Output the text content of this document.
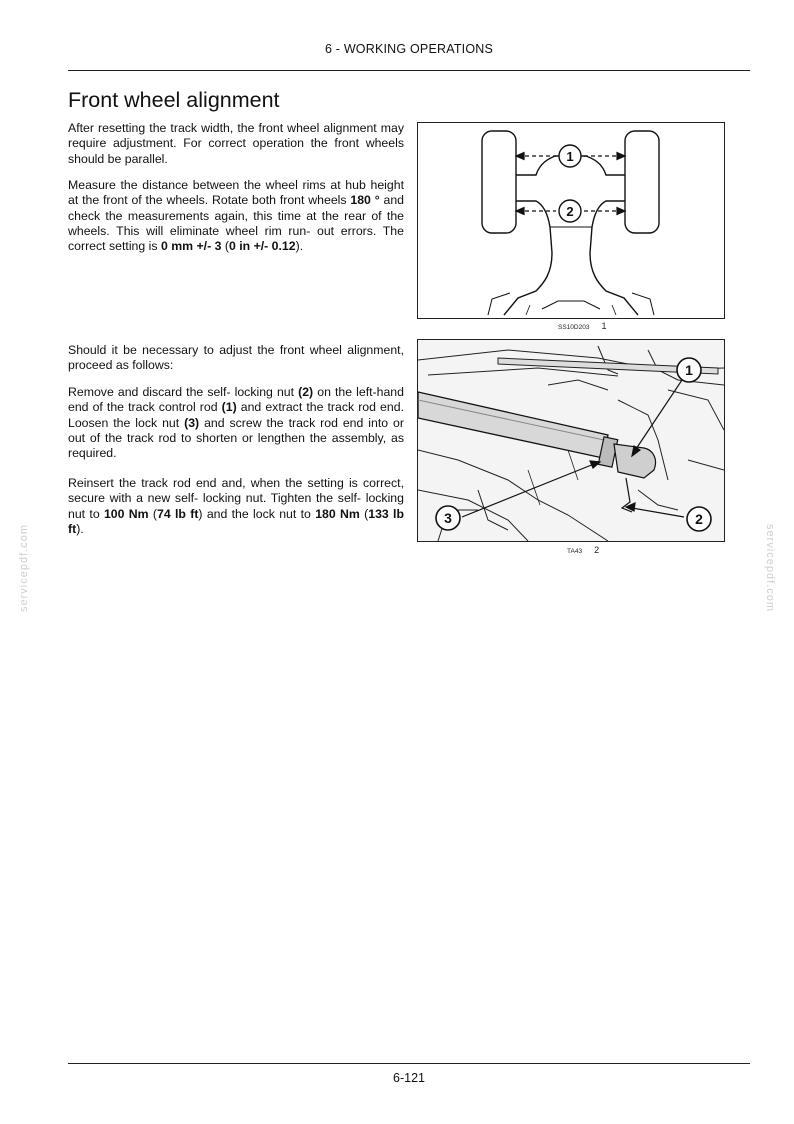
6 - WORKING OPERATIONS
Front wheel alignment

After resetting the track width, the front wheel alignment may require adjustment. For correct operation the front wheels should be parallel.

Measure the distance between the wheel rims at hub height at the front of the wheels. Rotate both front wheels 180 ° and check the measurements again, this time at the rear of the wheels. This will eliminate wheel rim run- out errors. The correct setting is 0 mm +/- 3 (0 in +/- 0.12).

Should it be necessary to adjust the front wheel alignment, proceed as follows:

Remove and discard the self- locking nut (2) on the left-hand end of the track control rod (1) and extract the track rod end. Loosen the lock nut (3) and screw the track rod end into or out of the track rod to shorten or lengthen the assembly, as required.

Reinsert the track rod end and, when the setting is correct, secure with a new self- locking nut. Tighten the self- locking nut to 100 Nm (74 lb ft) and the lock nut to 180 Nm (133 lb ft).

1
2
SS10D203 1
1
2
3
TA43 2
servicepdf.com	servicepdf.com
6-121
